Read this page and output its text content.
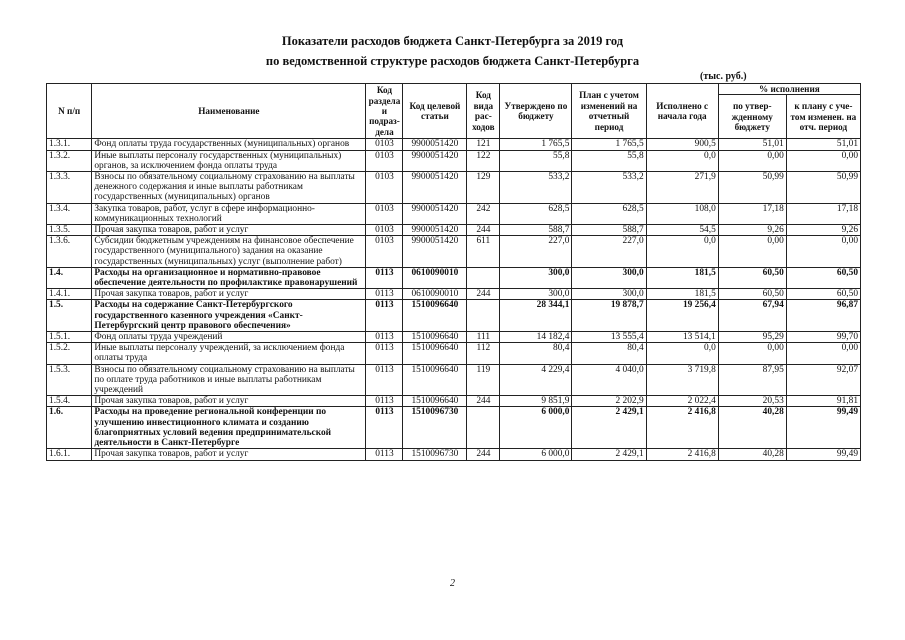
Показатели расходов бюджета Санкт-Петербурга за 2019 год
по ведомственной структуре расходов бюджета Санкт-Петербурга
(тыс. руб.)
N п/п	Наименование	Код раздела и подраз-дела	Код целевой статьи	Код вида рас-ходов	Утверждено по бюджету	План с учетом изменений на отчетный период	Исполнено с начала года	% исполнения	
								по утвер-жденному бюджету	к плану с уче-том изменен. на отч. период
1.3.1.	Фонд оплаты труда государственных (муниципальных) органов	0103	9900051420	121	1 765,5	1 765,5	900,5	51,01	51,01
1.3.2.	Иные выплаты персоналу государственных (муниципальных) органов, за исключением фонда оплаты труда	0103	9900051420	122	55,8	55,8	0,0	0,00	0,00
1.3.3.	Взносы по обязательному социальному страхованию на выплаты денежного содержания и иные выплаты работникам государственных (муниципальных) органов	0103	9900051420	129	533,2	533,2	271,9	50,99	50,99
1.3.4.	Закупка товаров, работ, услуг в сфере информационно-коммуникационных технологий	0103	9900051420	242	628,5	628,5	108,0	17,18	17,18
1.3.5.	Прочая закупка товаров, работ и услуг	0103	9900051420	244	588,7	588,7	54,5	9,26	9,26
1.3.6.	Субсидии бюджетным учреждениям на финансовое обеспечение государственного (муниципального) задания на оказание государственных (муниципальных) услуг (выполнение работ)	0103	9900051420	611	227,0	227,0	0,0	0,00	0,00
1.4.	Расходы на организационное и нормативно-правовое обеспечение деятельности по профилактике правонарушений	0113	0610090010		300,0	300,0	181,5	60,50	60,50
1.4.1.	Прочая закупка товаров, работ и услуг	0113	0610090010	244	300,0	300,0	181,5	60,50	60,50
1.5.	Расходы на содержание Санкт-Петербургского государственного казенного учреждения «Санкт-Петербургский центр правового обеспечения»	0113	1510096640		28 344,1	19 878,7	19 256,4	67,94	96,87
1.5.1.	Фонд оплаты труда учреждений	0113	1510096640	111	14 182,4	13 555,4	13 514,1	95,29	99,70
1.5.2.	Иные выплаты персоналу учреждений, за исключением фонда оплаты труда	0113	1510096640	112	80,4	80,4	0,0	0,00	0,00
1.5.3.	Взносы по обязательному социальному страхованию на выплаты по оплате труда работников и иные выплаты работникам учреждений	0113	1510096640	119	4 229,4	4 040,0	3 719,8	87,95	92,07
1.5.4.	Прочая закупка товаров, работ и услуг	0113	1510096640	244	9 851,9	2 202,9	2 022,4	20,53	91,81
1.6.	Расходы на проведение региональной конференции по улучшению инвестиционного климата и созданию благоприятных условий ведения предпринимательской деятельности в Санкт-Петербурге	0113	1510096730		6 000,0	2 429,1	2 416,8	40,28	99,49
1.6.1.	Прочая закупка товаров, работ и услуг	0113	1510096730	244	6 000,0	2 429,1	2 416,8	40,28	99,49
2
